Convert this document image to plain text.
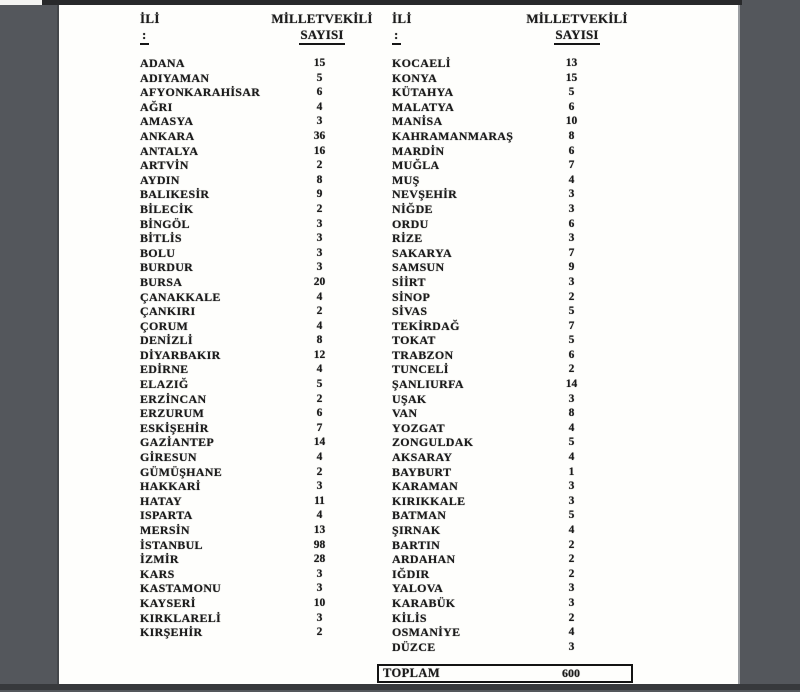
İLİ
:
MİLLETVEKİLİ
SAYISI
İLİ
:
MİLLETVEKİLİ
SAYISI
ADANA	15
ADIYAMAN	5
AFYONKARAHİSAR	6
AĞRI	4
AMASYA	3
ANKARA	36
ANTALYA	16
ARTVİN	2
AYDIN	8
BALIKESİR	9
BİLECİK	2
BİNGÖL	3
BİTLİS	3
BOLU	3
BURDUR	3
BURSA	20
ÇANAKKALE	4
ÇANKIRI	2
ÇORUM	4
DENİZLİ	8
DİYARBAKIR	12
EDİRNE	4
ELAZIĞ	5
ERZİNCAN	2
ERZURUM	6
ESKİŞEHİR	7
GAZİANTEP	14
GİRESUN	4
GÜMÜŞHANE	2
HAKKARİ	3
HATAY	11
ISPARTA	4
MERSİN	13
İSTANBUL	98
İZMİR	28
KARS	3
KASTAMONU	3
KAYSERİ	10
KIRKLARELİ	3
KIRŞEHİR	2
KOCAELİ	13
KONYA	15
KÜTAHYA	5
MALATYA	6
MANİSA	10
KAHRAMANMARAŞ	8
MARDİN	6
MUĞLA	7
MUŞ	4
NEVŞEHİR	3
NİĞDE	3
ORDU	6
RİZE	3
SAKARYA	7
SAMSUN	9
SİİRT	3
SİNOP	2
SİVAS	5
TEKİRDAĞ	7
TOKAT	5
TRABZON	6
TUNCELİ	2
ŞANLIURFA	14
UŞAK	3
VAN	8
YOZGAT	4
ZONGULDAK	5
AKSARAY	4
BAYBURT	1
KARAMAN	3
KIRIKKALE	3
BATMAN	5
ŞIRNAK	4
BARTIN	2
ARDAHAN	2
IĞDIR	2
YALOVA	3
KARABÜK	3
KİLİS	2
OSMANİYE	4
DÜZCE	3
TOPLAM	600
